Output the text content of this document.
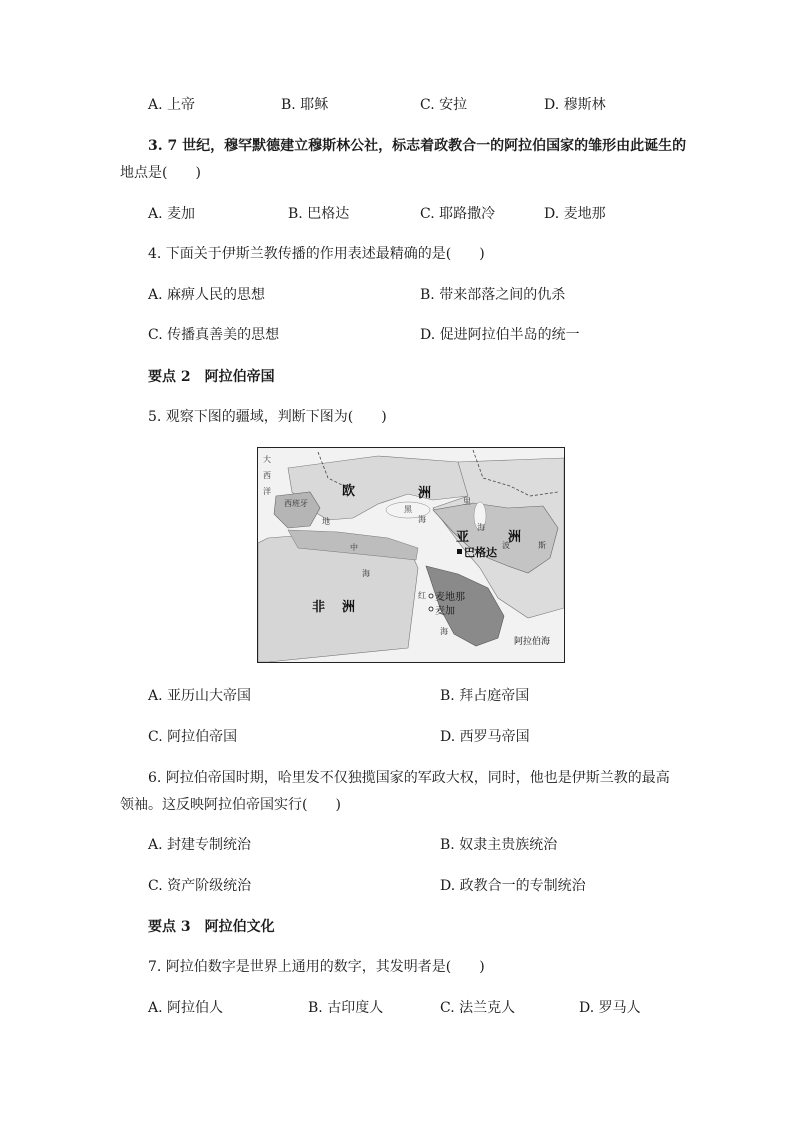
A. 上帝	B. 耶稣	C. 安拉	D. 穆斯林
3. 7 世纪，穆罕默德建立穆斯林公社，标志着政教合一的阿拉伯国家的雏形由此诞生的
地点是(　　)
A. 麦加	B. 巴格达	C. 耶路撒冷	D. 麦地那
4. 下面关于伊斯兰教传播的作用表述最精确的是(　　)
A. 麻痹人民的思想	B. 带来部落之间的仇杀
C. 传播真善美的思想	D. 促进阿拉伯半岛的统一
要点 2　阿拉伯帝国
5. 观察下图的疆域，判断下图为(　　)
大
西
洋
西班牙
地
欧	洲
黑
海
里
海
亚	洲
巴格达
波	斯
中
海
红
海
麦地那
麦加
非 洲
阿拉伯海
A. 亚历山大帝国	B. 拜占庭帝国
C. 阿拉伯帝国	D. 西罗马帝国
6. 阿拉伯帝国时期，哈里发不仅独揽国家的军政大权，同时，他也是伊斯兰教的最高
领袖。这反映阿拉伯帝国实行(　　)
A. 封建专制统治	B. 奴隶主贵族统治
C. 资产阶级统治	D. 政教合一的专制统治
要点 3　阿拉伯文化
7. 阿拉伯数字是世界上通用的数字，其发明者是(　　)
A. 阿拉伯人	B. 古印度人	C. 法兰克人	D. 罗马人
